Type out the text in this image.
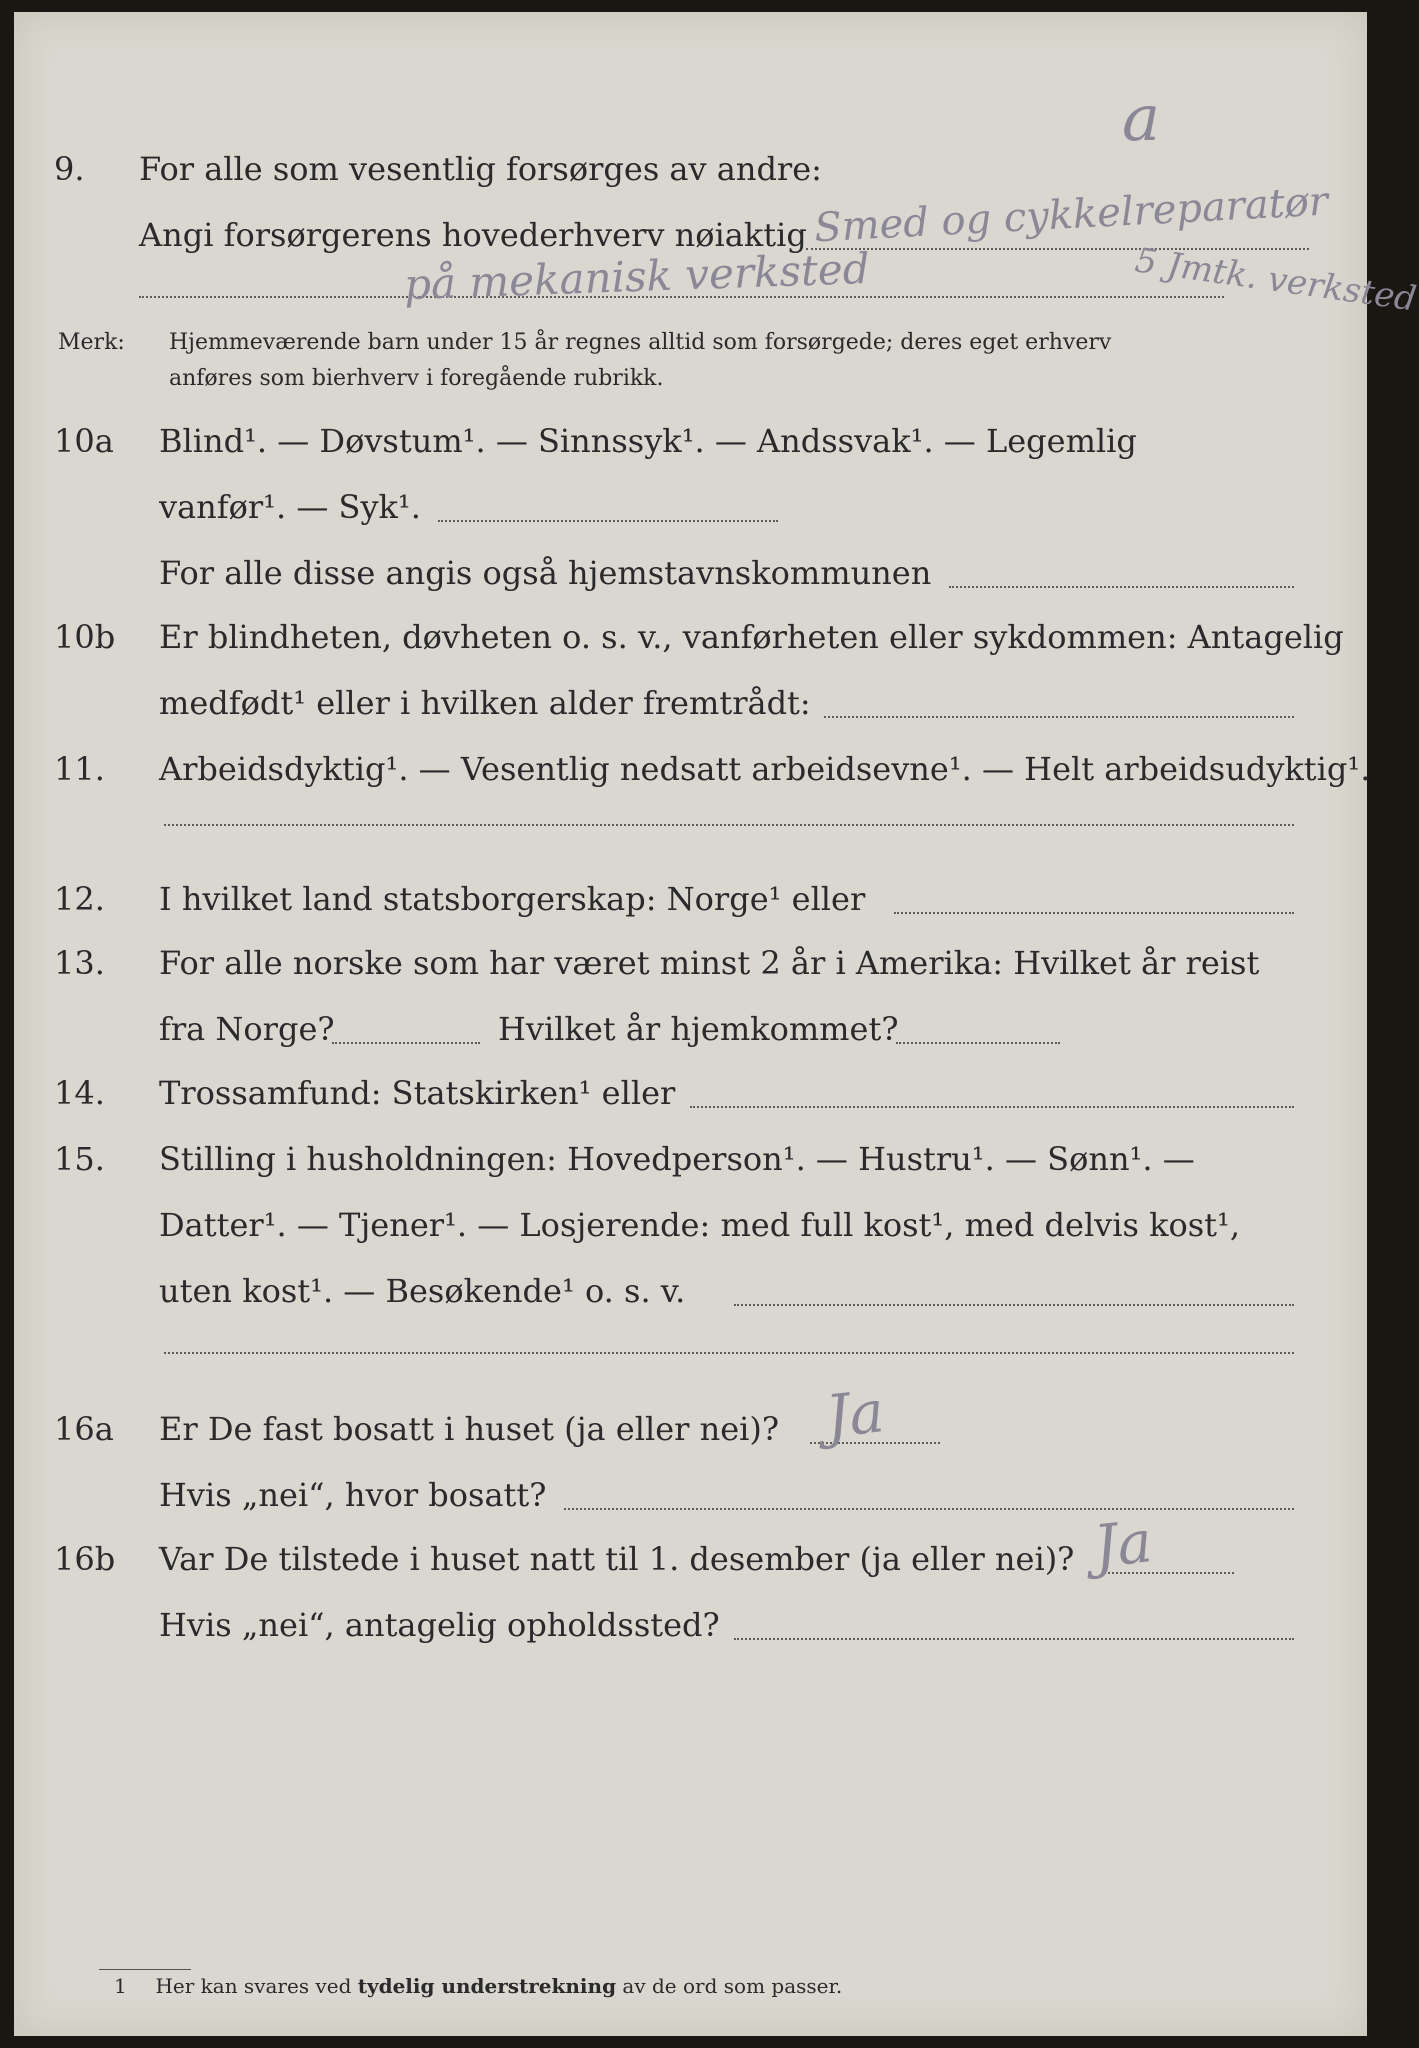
a
9. For alle som vesentlig forsørges av andre:
Angi forsørgerens hovederhverv nøiaktig Smed og cykkelreparatør
på mekanisk verksted	5 Jmtk. verksted
Merk: Hjemmeværende barn under 15 år regnes alltid som forsørgede; deres eget erhverv
anføres som bierhverv i foregående rubrikk.
10a Blind¹. — Døvstum¹. — Sinnssyk¹. — Andssvak¹. — Legemlig
vanfør¹. — Syk¹.
For alle disse angis også hjemstavnskommunen
10b Er blindheten, døvheten o. s. v., vanførheten eller sykdommen: Antagelig
medfødt¹ eller i hvilken alder fremtrådt:
11. Arbeidsdyktig¹. — Vesentlig nedsatt arbeidsevne¹. — Helt arbeidsudyktig¹.
12. I hvilket land statsborgerskap: Norge¹ eller
13. For alle norske som har været minst 2 år i Amerika: Hvilket år reist
fra Norge?	Hvilket år hjemkommet?
14. Trossamfund: Statskirken¹ eller
15. Stilling i husholdningen: Hovedperson¹. — Hustru¹. — Sønn¹. —
Datter¹. — Tjener¹. — Losjerende: med full kost¹, med delvis kost¹,
uten kost¹. — Besøkende¹ o. s. v.
16a Er De fast bosatt i huset (ja eller nei)? Ja
Hvis „nei“, hvor bosatt?
16b Var De tilstede i huset natt til 1. desember (ja eller nei)? Ja
Hvis „nei“, antagelig opholdssted?
1 Her kan svares ved tydelig understrekning av de ord som passer.
